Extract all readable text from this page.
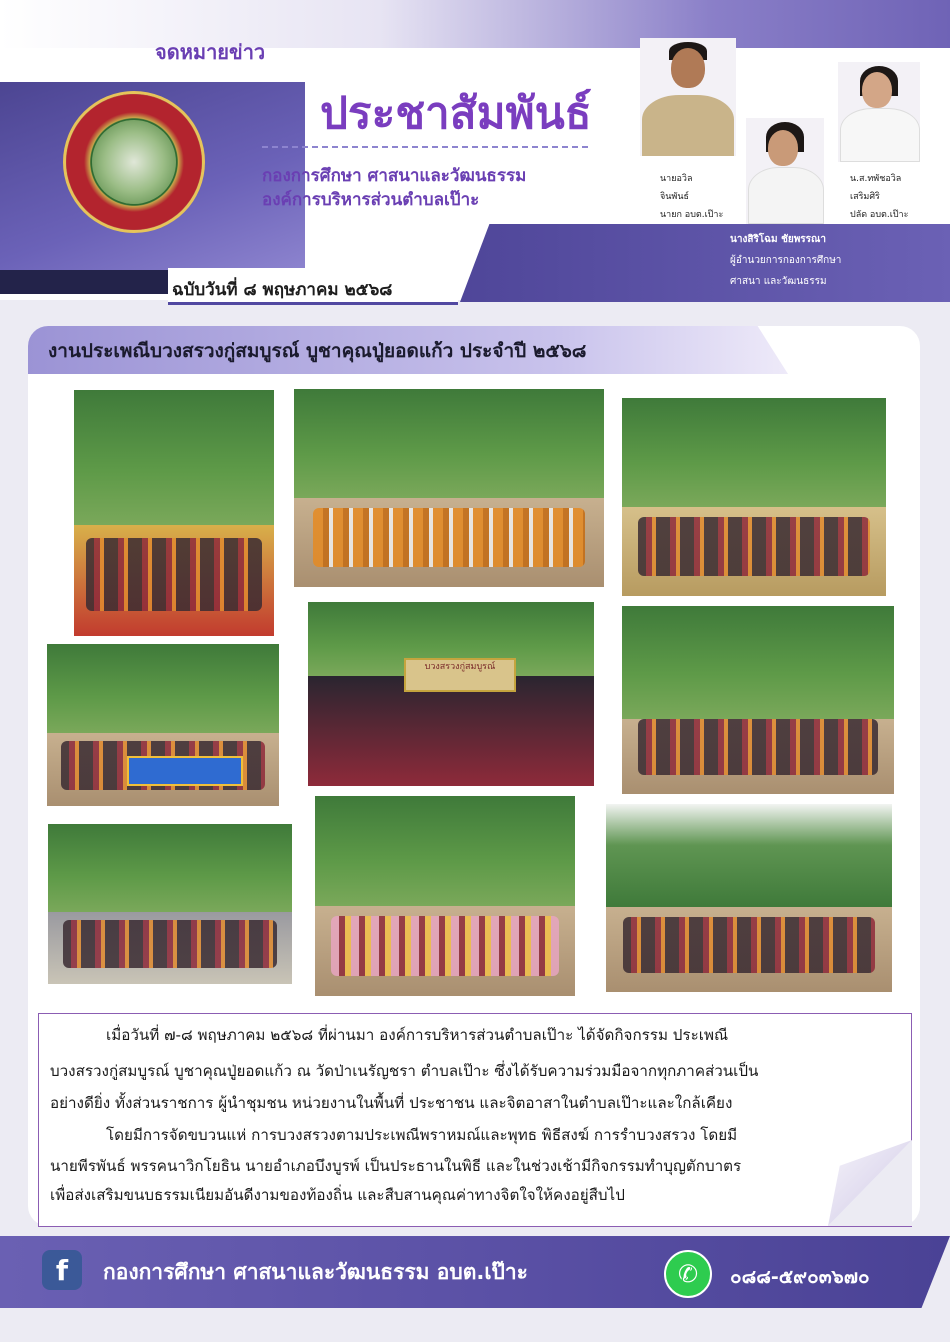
จดหมายข่าว
ประชาสัมพันธ์
กองการศึกษา ศาสนาและวัฒนธรรม
องค์การบริหารส่วนตำบลเป๊าะ
ฉบับวันที่ ๘ พฤษภาคม ๒๕๖๘
นายอวิล
จินพันธ์
นายก อบต.เป๊าะ
น.ส.ทพัชอวิล
เสริมศิริ
ปลัด อบต.เป๊าะ
นางสิริโฉม ชัยพรรณา
ผู้อำนวยการกองการศึกษา
ศาสนา และวัฒนธรรม
งานประเพณีบวงสรวงกู่สมบูรณ์ บูชาคุณปู่ยอดแก้ว ประจำปี ๒๕๖๘
บวงสรวงกู่สมบูรณ์
เมื่อวันที่ ๗-๘ พฤษภาคม ๒๕๖๘ ที่ผ่านมา องค์การบริหารส่วนตำบลเป๊าะ ได้จัดกิจกรรม ประเพณี
บวงสรวงกู่สมบูรณ์ บูชาคุณปู่ยอดแก้ว ณ วัดป่าเนรัญชรา ตำบลเป๊าะ ซึ่งได้รับความร่วมมือจากทุกภาคส่วนเป็น
อย่างดียิ่ง ทั้งส่วนราชการ ผู้นำชุมชน หน่วยงานในพื้นที่ ประชาชน และจิตอาสาในตำบลเป๊าะและใกล้เคียง
โดยมีการจัดขบวนแห่ การบวงสรวงตามประเพณีพราหมณ์และพุทธ พิธีสงฆ์ การรำบวงสรวง โดยมี
นายพีรพันธ์ พรรคนาวิกโยธิน นายอำเภอบึงบูรพ์ เป็นประธานในพิธี และในช่วงเช้ามีกิจกรรมทำบุญตักบาตร
เพื่อส่งเสริมขนบธรรมเนียมอันดีงามของท้องถิ่น และสืบสานคุณค่าทางจิตใจให้คงอยู่สืบไป
f	กองการศึกษา ศาสนาและวัฒนธรรม อบต.เป๊าะ	✆	๐๘๘-๕๙๐๓๖๗๐
